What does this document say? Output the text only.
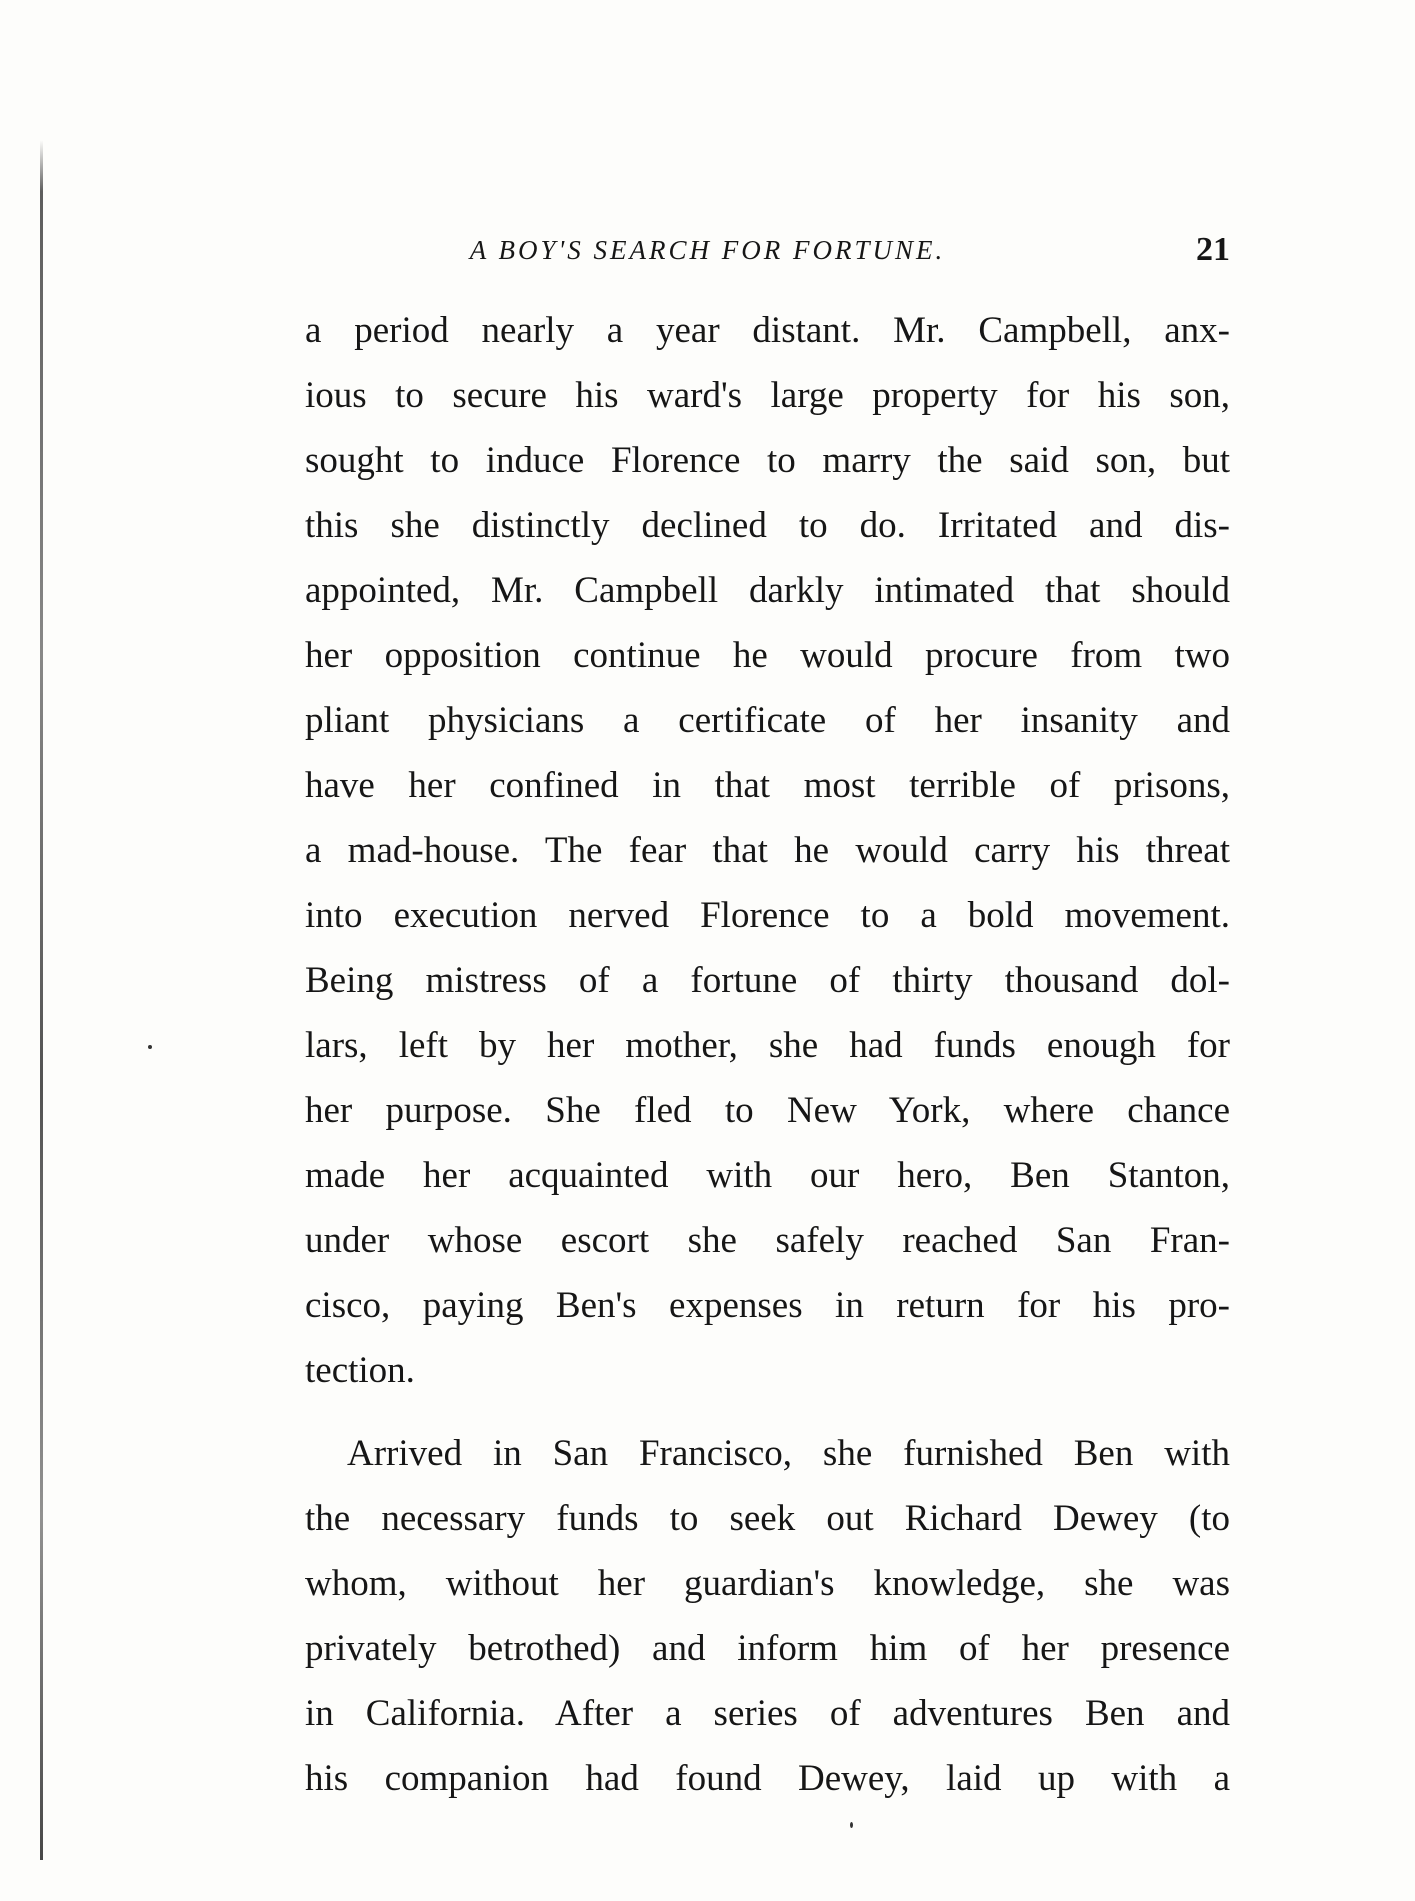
A BOY'S SEARCH FOR FORTUNE.	21
a period nearly a year distant. Mr. Campbell, anx-
ious to secure his ward's large property for his son,
sought to induce Florence to marry the said son, but
this she distinctly declined to do. Irritated and dis-
appointed, Mr. Campbell darkly intimated that should
her opposition continue he would procure from two
pliant physicians a certificate of her insanity and
have her confined in that most terrible of prisons,
a mad-house. The fear that he would carry his threat
into execution nerved Florence to a bold movement.
Being mistress of a fortune of thirty thousand dol-
lars, left by her mother, she had funds enough for
her purpose. She fled to New York, where chance
made her acquainted with our hero, Ben Stanton,
under whose escort she safely reached San Fran-
cisco, paying Ben's expenses in return for his pro-
tection.
Arrived in San Francisco, she furnished Ben with
the necessary funds to seek out Richard Dewey (to
whom, without her guardian's knowledge, she was
privately betrothed) and inform him of her presence
in California. After a series of adventures Ben and
his companion had found Dewey, laid up with a
